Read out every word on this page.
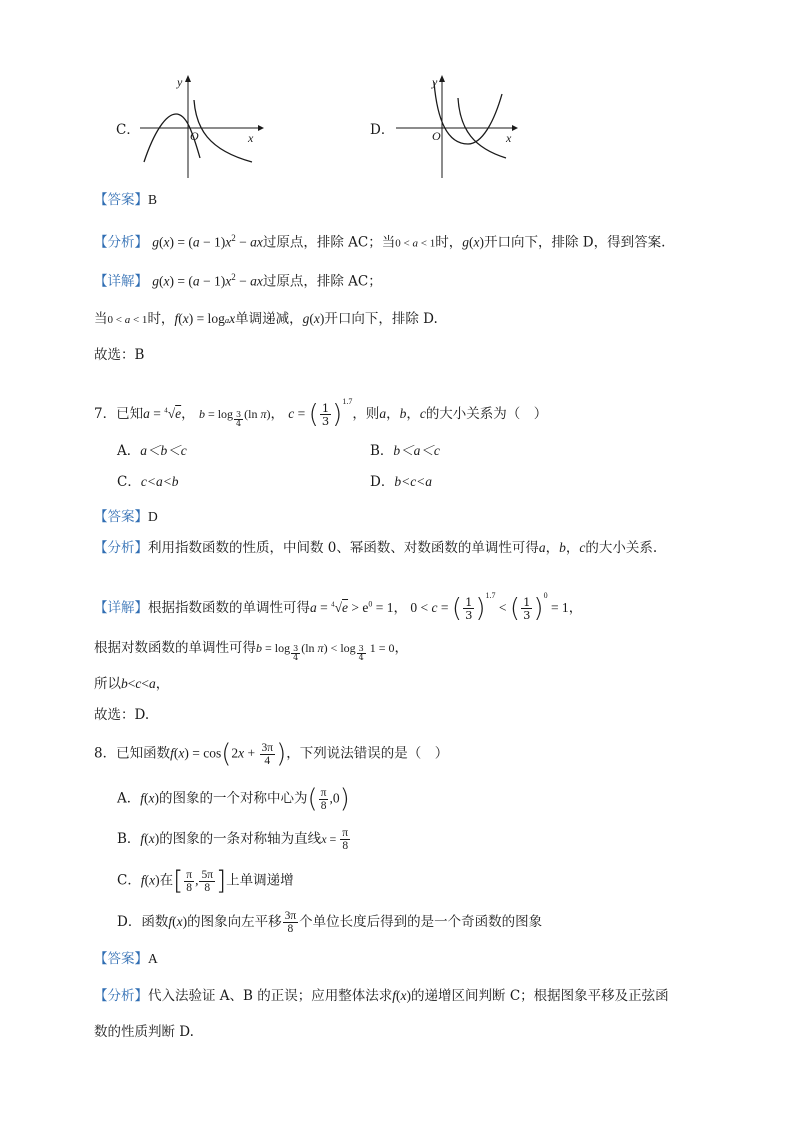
C．
y
x
O	D．
y
x
O
【答案】B
【分析】 $g(x) = (a - 1)x^2$ − ax过原点，排除 AC；当0 < a < 1时，g(x)开口向下，排除 D，得到答案.
【详解】 $g(x) = (a - 1)x^2$ − ax过原点，排除 AC；
当0 < a < 1时，f(x) = logax单调递减，g(x)开口向下，排除 D.
故选：B
7．已知a = $^4$√e， $b = \log \frac{3}{4} (\ln$ π)， c = ( $\frac{1}{3} )^{1.7}$，则a，b，c的大小关系为（　）
A．a＜b＜c	B．b＜a＜c
C．c<a<b	D．b<c<a
【答案】D
【分析】利用指数函数的性质，中间数 0、幂函数、对数函数的单调性可得a，b，c的大小关系.
【详解】根据指数函数的单调性可得$a = ^4√e > e^0 = 1$， 0 < c = ( $\frac{1}{3} )^{1.7}$ < ( $\frac{1}{3} )^0 = 1$，
根据对数函数的单调性可得$b = \log \frac{3}{4} (\ln$ $\pi) < \log \frac{3}{4} 1 = 0$，
所以b<c<a，
故选：D.
8．已知函数$f(x) = \cos(2x + \frac{3\pi}{4}$ )，下列说法错误的是（　）
A．f(x)的图象的一个对称中心为( $\frac{\pi}{8} ,0$)
B．f(x)的图象的一条对称轴为直线$x = \frac{\pi}{8}$
C．f(x)在[ $\frac{\pi}{8}$ , $\frac{5\pi}{8}$ ]上单调递增
D．函数f(x)的图象向左平移 $\frac{3\pi}{8}$ 个单位长度后得到的是一个奇函数的图象
【答案】A
【分析】代入法验证 A、B 的正误；应用整体法求f(x)的递增区间判断 C；根据图象平移及正弦函
数的性质判断 D.
